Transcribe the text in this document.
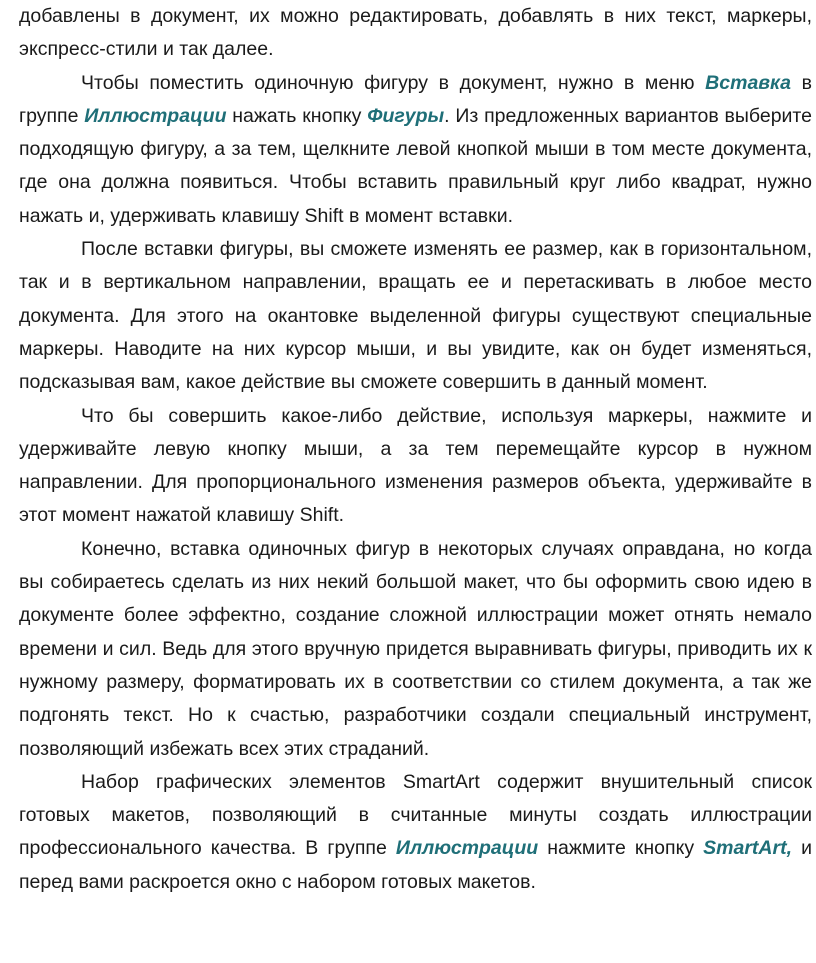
добавлены в документ, их можно редактировать, добавлять в них текст, маркеры, экспресс-стили и так далее.

Чтобы поместить одиночную фигуру в документ, нужно в меню Вставка в группе Иллюстрации нажать кнопку Фигуры. Из предложенных вариантов выберите подходящую фигуру, а за тем, щелкните левой кнопкой мыши в том месте документа, где она должна появиться. Чтобы вставить правильный круг либо квадрат, нужно нажать и, удерживать клавишу Shift в момент вставки.

После вставки фигуры, вы сможете изменять ее размер, как в горизонтальном, так и в вертикальном направлении, вращать ее и перетаскивать в любое место документа. Для этого на окантовке выделенной фигуры существуют специальные маркеры. Наводите на них курсор мыши, и вы увидите, как он будет изменяться, подсказывая вам, какое действие вы сможете совершить в данный момент.

Что бы совершить какое-либо действие, используя маркеры, нажмите и удерживайте левую кнопку мыши, а за тем перемещайте курсор в нужном направлении. Для пропорционального изменения размеров объекта, удерживайте в этот момент нажатой клавишу Shift.

Конечно, вставка одиночных фигур в некоторых случаях оправдана, но когда вы собираетесь сделать из них некий большой макет, что бы оформить свою идею в документе более эффектно, создание сложной иллюстрации может отнять немало времени и сил. Ведь для этого вручную придется выравнивать фигуры, приводить их к нужному размеру, форматировать их в соответствии со стилем документа, а так же подгонять текст. Но к счастью, разработчики создали специальный инструмент, позволяющий избежать всех этих страданий.

Набор графических элементов SmartArt содержит внушительный список готовых макетов, позволяющий в считанные минуты создать иллюстрации профессионального качества. В группе Иллюстрации нажмите кнопку SmartArt, и перед вами раскроется окно с набором готовых макетов.
